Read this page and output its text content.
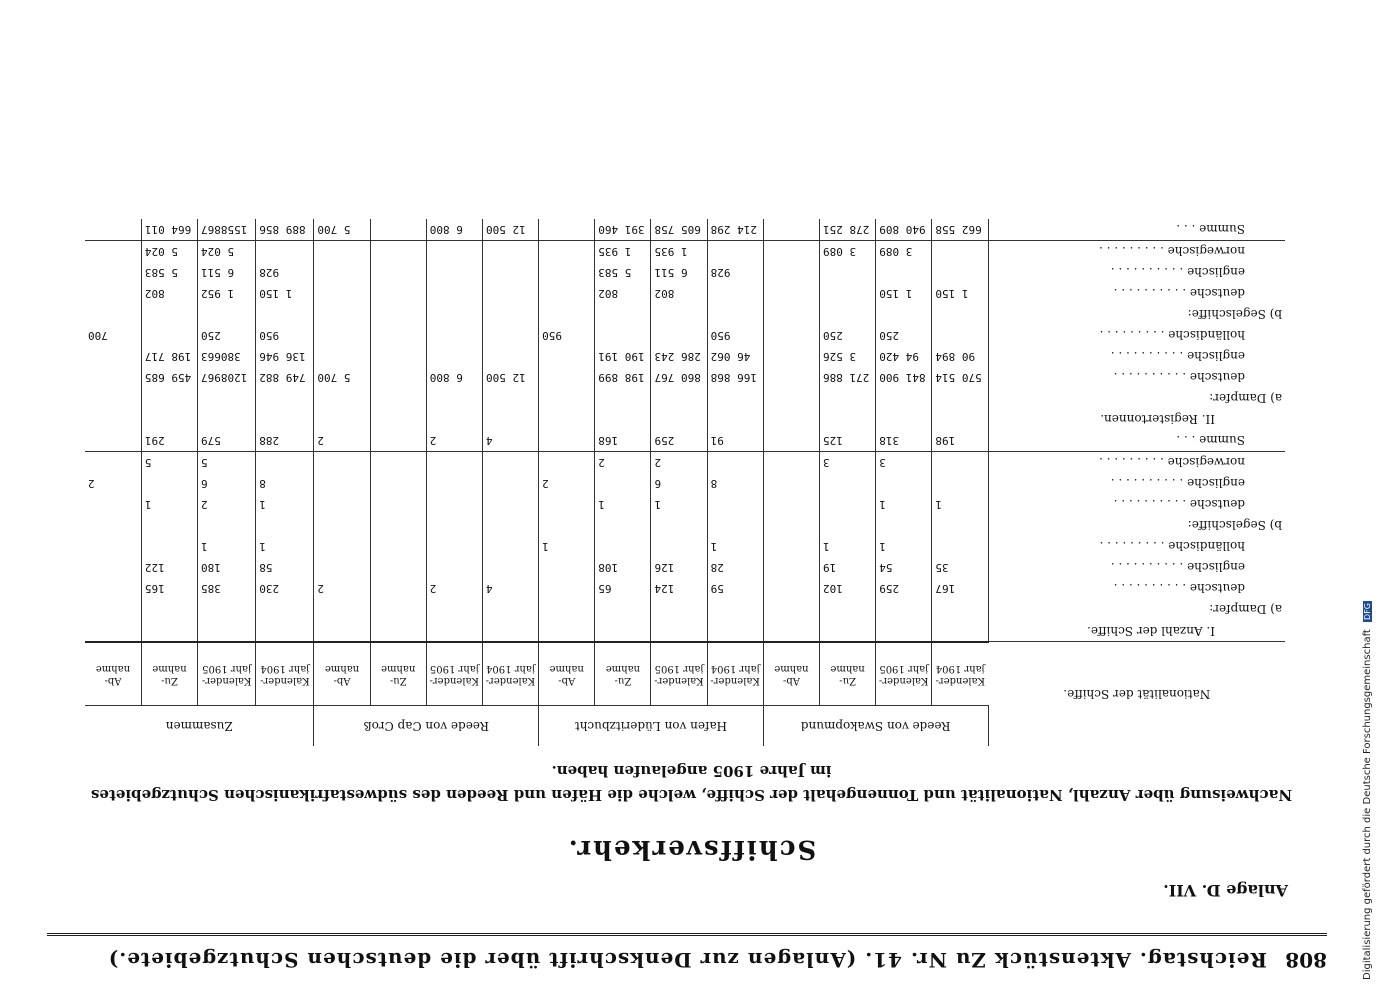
808
Reichstag. Aktenstück Zu Nr. 41. (Anlagen zur Denkschrift über die deutschen Schutzgebiete.)
Anlage D. VII.
Schiffsverkehr.
Nachweisung über Anzahl, Nationalität und Tonnengehalt der Schiffe, welche die Häfen und Reeden des südwestafrikanischen Schutzgebietes
im Jahre 1905 angelaufen haben.
Nationalität der Schiffe.	Reede von Swakopmund				Hafen von Lüderitzbucht				Reede von Cap Croß				Zusammen			
	Kalender-jahr 1904	Kalender-jahr 1905	Zu-nahme	Ab-nahme	Kalender-jahr 1904	Kalender-jahr 1905	Zu-nahme	Ab-nahme	Kalender-jahr 1904	Kalender-jahr 1905	Zu-nahme	Ab-nahme	Kalender-jahr 1904	Kalender-jahr 1905	Zu-nahme	Ab-nahme
I. Anzahl der Schiffe.																
a) Dampfer:																
deutsche . . . . . . . . . .	167	259	102		59	124	65		4	2		2	230	385	165	
englische . . . . . . . . . .	35	54	19		28	126	108						58	180	122	
holländische . . . . . . . . .		1	1		1			1					1	1		
b) Segelschiffe:																
deutsche . . . . . . . . . .	1	1				1	1						1	2	1	
englische . . . . . . . . . .					8	6		2					8	6		2
norwegische . . . . . . . . .		3	3			2	2							5	5	
Summe . . .	198	318	125		91	259	168		4	2		2	288	579	291	
II. Registertonnen.																
a) Dampfer:																
deutsche . . . . . . . . . .	570 514	841 900	271 886		166 868	860 767	198 899		12 500	6 800		5 700	749 882	1208967	459 685	
englische . . . . . . . . . .	90 894	94 420	3 526		46 062	286 243	190 191						136 946	380663	198 717	
holländische . . . . . . . . .		250	250		950			950					950	250		700
b) Segelschiffe:																
deutsche . . . . . . . . . .	1 150	1 150				802	802						1 150	1 952	802	
englische . . . . . . . . . .					928	6 511	5 583						928	6 511	5 583	
norwegische . . . . . . . . .		3 089	3 089			1 935	1 935							5 024	5 024	
Summe . . .	662 558	940 809	278 251		214 298	605 758	391 460		12 500	6 800		5 700	889 856	1558867	664 011	
Digitalisierung gefördert durch die Deutsche Forschungsgemeinschaft DFG
